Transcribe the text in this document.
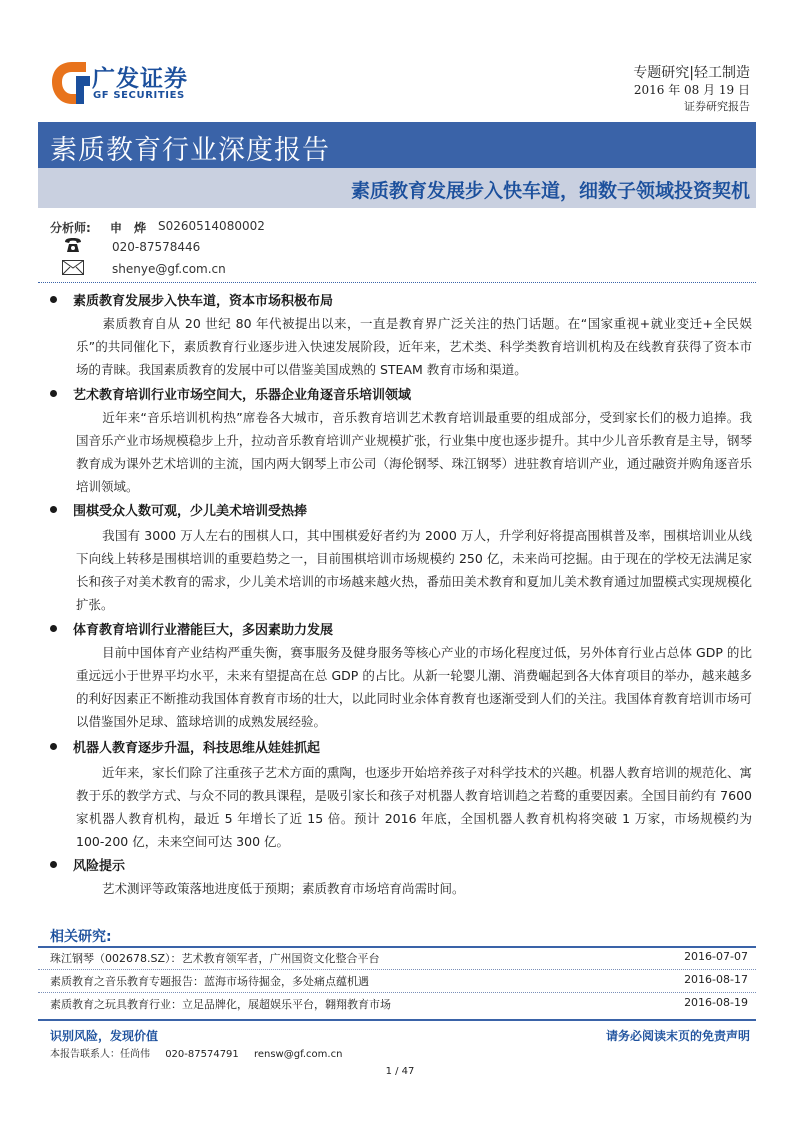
广发证券
GF SECURITIES
专题研究|轻工制造
2016 年 08 月 19 日
证券研究报告
素质教育行业深度报告
素质教育发展步入快车道，细数子领域投资契机
分析师: 申　烨 S0260514080002
020-87578446
shenye@gf.com.cn
素质教育发展步入快车道，资本市场积极布局
素质教育自从 20 世纪 80 年代被提出以来，一直是教育界广泛关注的热门话题。在“国家重视+就业变迁+全民娱乐”的共同催化下，素质教育行业逐步进入快速发展阶段，近年来，艺术类、科学类教育培训机构及在线教育获得了资本市场的青睐。我国素质教育的发展中可以借鉴美国成熟的 STEAM 教育市场和渠道。
艺术教育培训行业市场空间大，乐器企业角逐音乐培训领域
近年来“音乐培训机构热”席卷各大城市，音乐教育培训艺术教育培训最重要的组成部分，受到家长们的极力追捧。我国音乐产业市场规模稳步上升，拉动音乐教育培训产业规模扩张，行业集中度也逐步提升。其中少儿音乐教育是主导，钢琴教育成为课外艺术培训的主流，国内两大钢琴上市公司（海伦钢琴、珠江钢琴）进驻教育培训产业，通过融资并购角逐音乐培训领域。
围棋受众人数可观，少儿美术培训受热捧
我国有 3000 万人左右的围棋人口，其中围棋爱好者约为 2000 万人，升学利好将提高围棋普及率，围棋培训业从线下向线上转移是围棋培训的重要趋势之一，目前围棋培训市场规模约 250 亿，未来尚可挖掘。由于现在的学校无法满足家长和孩子对美术教育的需求，少儿美术培训的市场越来越火热，番茄田美术教育和夏加儿美术教育通过加盟模式实现规模化扩张。
体育教育培训行业潜能巨大，多因素助力发展
目前中国体育产业结构严重失衡，赛事服务及健身服务等核心产业的市场化程度过低，另外体育行业占总体 GDP 的比重远远小于世界平均水平，未来有望提高在总 GDP 的占比。从新一轮婴儿潮、消费崛起到各大体育项目的举办，越来越多的利好因素正不断推动我国体育教育市场的壮大，以此同时业余体育教育也逐渐受到人们的关注。我国体育教育培训市场可以借鉴国外足球、篮球培训的成熟发展经验。
机器人教育逐步升温，科技思维从娃娃抓起
近年来，家长们除了注重孩子艺术方面的熏陶，也逐步开始培养孩子对科学技术的兴趣。机器人教育培训的规范化、寓教于乐的教学方式、与众不同的教具课程，是吸引家长和孩子对机器人教育培训趋之若鹜的重要因素。全国目前约有 7600 家机器人教育机构，最近 5 年增长了近 15 倍。预计 2016 年底，全国机器人教育机构将突破 1 万家，市场规模约为 100-200 亿，未来空间可达 300 亿。
风险提示
艺术测评等政策落地进度低于预期；素质教育市场培育尚需时间。
相关研究:
珠江钢琴（002678.SZ）：艺术教育领军者，广州国资文化整合平台	2016-07-07
素质教育之音乐教育专题报告：蓝海市场待掘金，多处痛点蕴机遇	2016-08-17
素质教育之玩具教育行业：立足品牌化，展超娱乐平台，翱翔教育市场	2016-08-19
识别风险，发现价值	请务必阅读末页的免责声明
本报告联系人：任尚伟 020-87574791 rensw@gf.com.cn
1 / 47
